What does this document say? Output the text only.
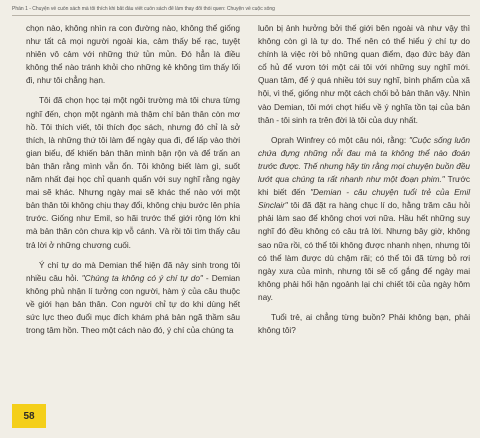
Phần 1 - Chuyện về cuốn sách mà tôi thích khi bắt đầu viết cuốn sách để làm thay đổi thói quen: Chuyện về cuộc sống

chọn nào, không nhìn ra con đường nào, không thể giống như tất cả mọi người ngoài kia, cảm thấy bế rạc, tuyệt nhiên vô cảm với những thứ tủn mủn. Đó hẳn là điều không thể nào tránh khỏi cho những kẻ không tìm thấy lối đi, như tôi chẳng hạn.

Tôi đã chọn học tại một ngôi trường mà tôi chưa từng nghĩ đến, chọn một ngành mà thậm chí bản thân còn mơ hồ. Tôi thích viết, tôi thích đọc sách, nhưng đó chỉ là sở thích, là những thứ tôi làm để ngày qua đi, để lấp vào thời gian biểu, để khiến bản thân mình bận rộn và để trấn an bản thân rằng mình vẫn ổn. Tôi không biết làm gì, suốt năm nhất đại học chỉ quanh quẩn với suy nghĩ rằng ngày mai sẽ khác. Nhưng ngày mai sẽ khác thế nào với một bản thân tôi không chịu thay đổi, không chịu bước lên phía trước. Giống như Emil, so hãi trước thế giới rộng lớn khi mà bản thân còn chưa kịp vỗ cánh. Và rồi tôi tìm thấy câu trả lời ở những chương cuối.

Ý chí tự do mà Demian thể hiện đã nảy sinh trong tôi nhiều câu hỏi. "Chúng ta không có ý chí tự do" - Demian không phủ nhận lí tưởng con người, hàm ý của câu thuộc về giới hạn bản thân. Con người chỉ tự do khi dùng hết sức lực theo đuổi mục đích khám phá bản ngã thầm sâu trong tâm hồn. Theo một cách nào đó, ý chí của chúng ta

luôn bị ảnh hưởng bởi thế giới bên ngoài và như vậy thì không còn gì là tự do. Thế nên có thể hiểu ý chí tự do chính là việc rời bỏ những quan điểm, đạo đức bảy đàn cổ hủ để vươn tới một cái tôi với những suy nghĩ mới. Quan tâm, để ý quá nhiều tới suy nghĩ, bình phẩm của xã hội, vì thế, giống như một cách chối bỏ bản thân vậy. Nhìn vào Demian, tôi mới chợt hiểu về ý nghĩa tồn tại của bản thân - tôi sinh ra trên đời là tôi của duy nhất.

Oprah Winfrey có một câu nói, rằng: "Cuộc sống luôn chứa đựng những nỗi đau mà ta không thể nào đoán trước được. Thế nhưng hãy tin rằng mọi chuyện buồn đều lướt qua chúng ta rất nhanh như một đoạn phim." Trước khi biết đến "Demian - câu chuyện tuổi trẻ của Emil Sinclair" tôi đã đặt ra hàng chục lí do, hằng trăm câu hỏi phải làm sao để không chơi vơi nữa. Hầu hết những suy nghĩ đó đều không có câu trả lời. Nhưng bây giờ, không sao nữa rồi, có thể tôi không được nhanh nhẹn, nhưng tôi có thể làm được dù chậm rãi; có thể tôi đã từng bỏ rơi ngày xưa của mình, nhưng tôi sẽ cố gắng để ngày mai không phải hối hận ngoảnh lại chi chiết tôi của ngày hôm nay.

Tuổi trẻ, ai chẳng từng buồn? Phải không bạn, phải không tôi?

58
